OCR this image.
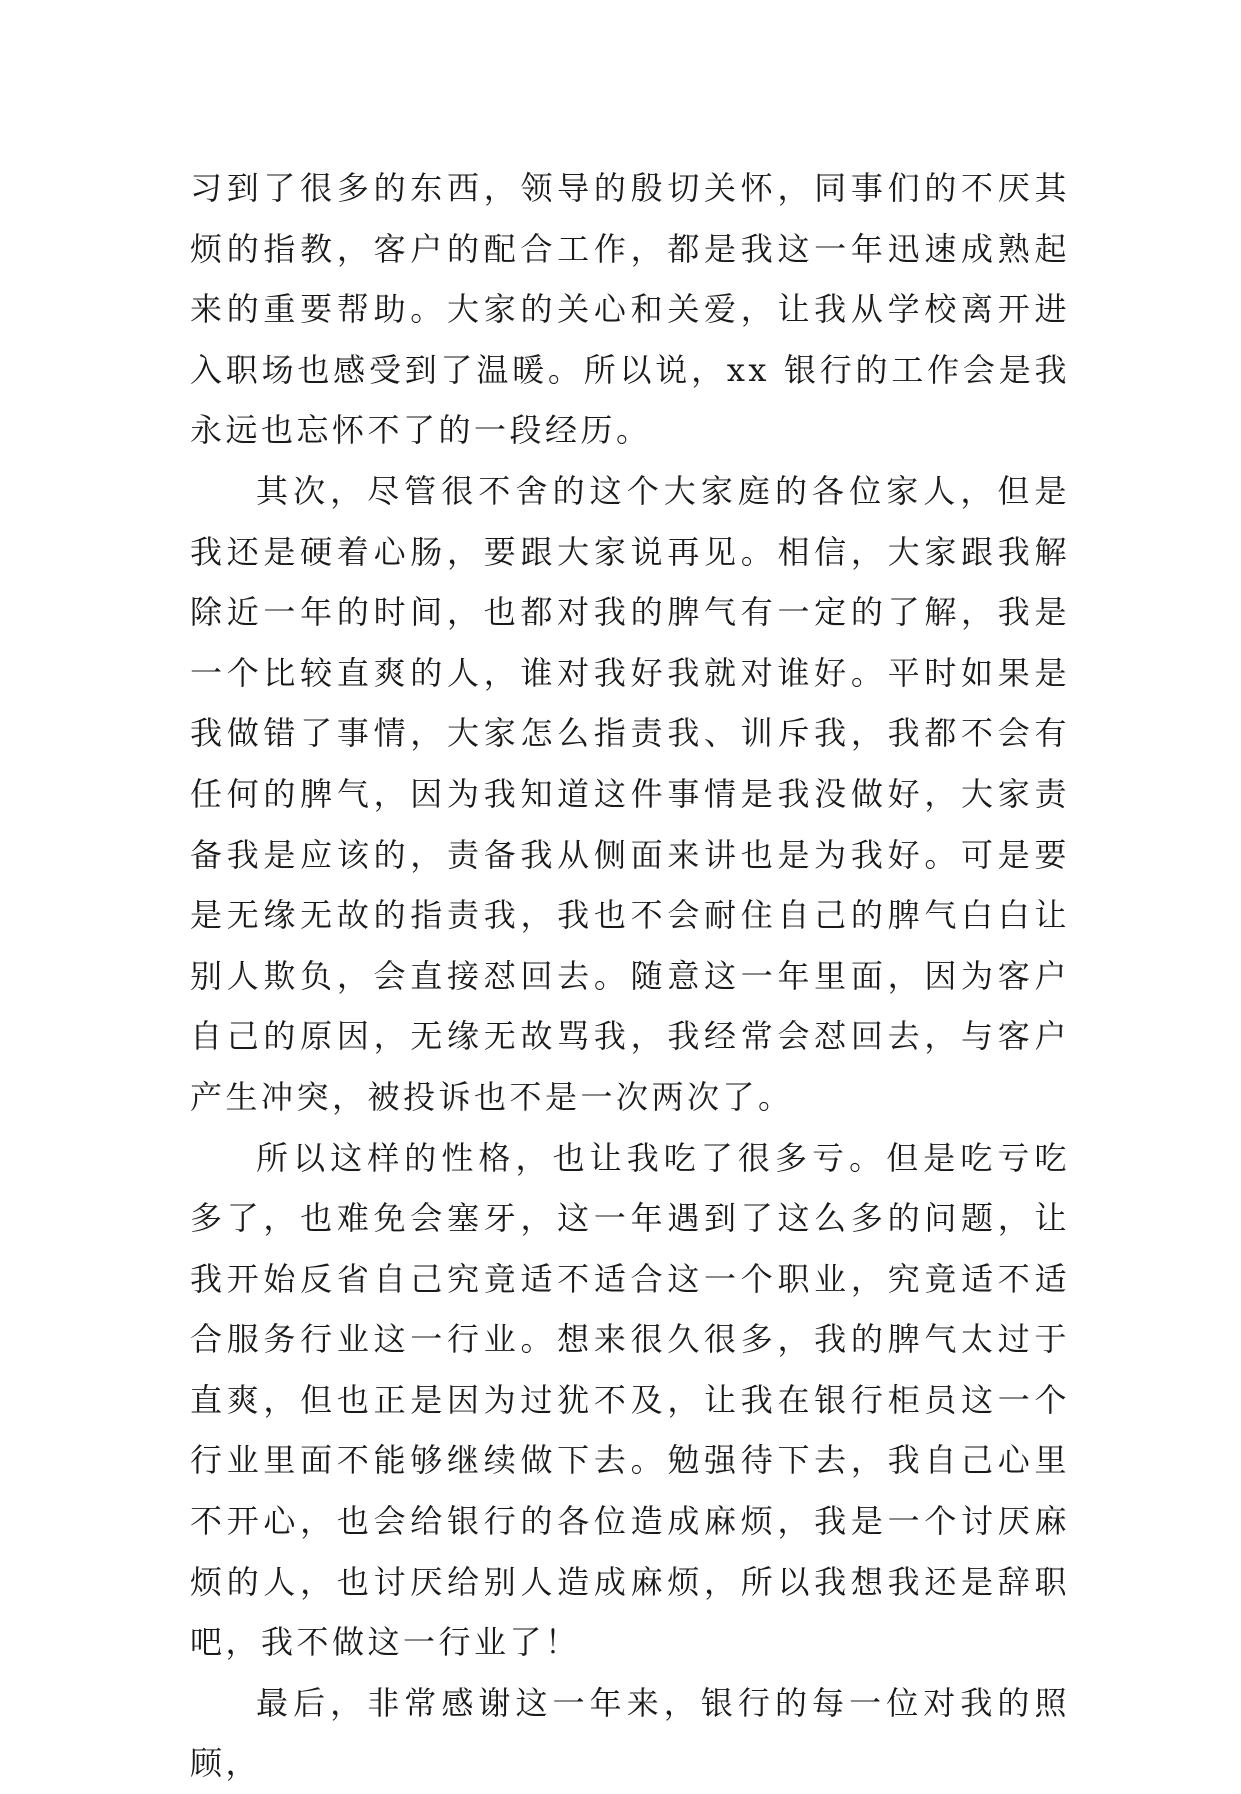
习到了很多的东西，领导的殷切关怀，同事们的不厌其烦的指教，客户的配合工作，都是我这一年迅速成熟起来的重要帮助。大家的关心和关爱，让我从学校离开进入职场也感受到了温暖。所以说，xx 银行的工作会是我永远也忘怀不了的一段经历。

其次，尽管很不舍的这个大家庭的各位家人，但是我还是硬着心肠，要跟大家说再见。相信，大家跟我解除近一年的时间，也都对我的脾气有一定的了解，我是一个比较直爽的人，谁对我好我就对谁好。平时如果是我做错了事情，大家怎么指责我、训斥我，我都不会有任何的脾气，因为我知道这件事情是我没做好，大家责备我是应该的，责备我从侧面来讲也是为我好。可是要是无缘无故的指责我，我也不会耐住自己的脾气白白让别人欺负，会直接怼回去。随意这一年里面，因为客户自己的原因，无缘无故骂我，我经常会怼回去，与客户产生冲突，被投诉也不是一次两次了。

所以这样的性格，也让我吃了很多亏。但是吃亏吃多了，也难免会塞牙，这一年遇到了这么多的问题，让我开始反省自己究竟适不适合这一个职业，究竟适不适合服务行业这一行业。想来很久很多，我的脾气太过于直爽，但也正是因为过犹不及，让我在银行柜员这一个行业里面不能够继续做下去。勉强待下去，我自己心里不开心，也会给银行的各位造成麻烦，我是一个讨厌麻烦的人，也讨厌给别人造成麻烦，所以我想我还是辞职吧，我不做这一行业了！

最后，非常感谢这一年来，银行的每一位对我的照顾，
